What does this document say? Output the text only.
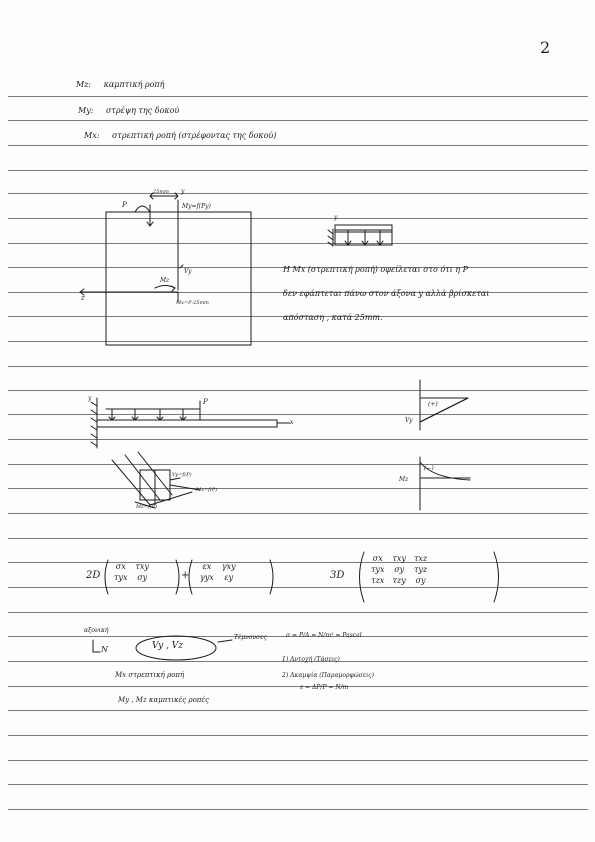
2
Mz: καμπτική ροπή
My: στρέψη της δοκού
Mx: στρεπτική ροπή (στρέφοντας της δοκού)
P
25mm y
My=f(Py)
Vy
Mz
z
Mx=P·25mm
y
Η Mx (στρεπτική ροπή) οφείλεται στο ότι η P
δεν εφάπτεται πάνω στον άξονα y αλλά βρίσκεται
απόσταση , κατά 25mm.
y	P
x
(+)
Vy
(−)
Mz
Vy=f(P)
Mx=f(P)
Mz=f(P)
2D
σx	τxy
τyx	σy	+
εx	γxy
γyx	εy	3D
σx	τxy	τxz
τyx	σy	τyz
τzx	τzy	σy
αξονική
N	Vy , Vz
Τέμνουσες	σ = P/A = N/m² = Pascal
1) Αντοχή (Τάσεις)
2) Ακαμψία (Παραμορφώσεις)
ε = ΔP/P = N/m
Mx στρεπτική ροπή
My , Mz καμπτικές ροπές
